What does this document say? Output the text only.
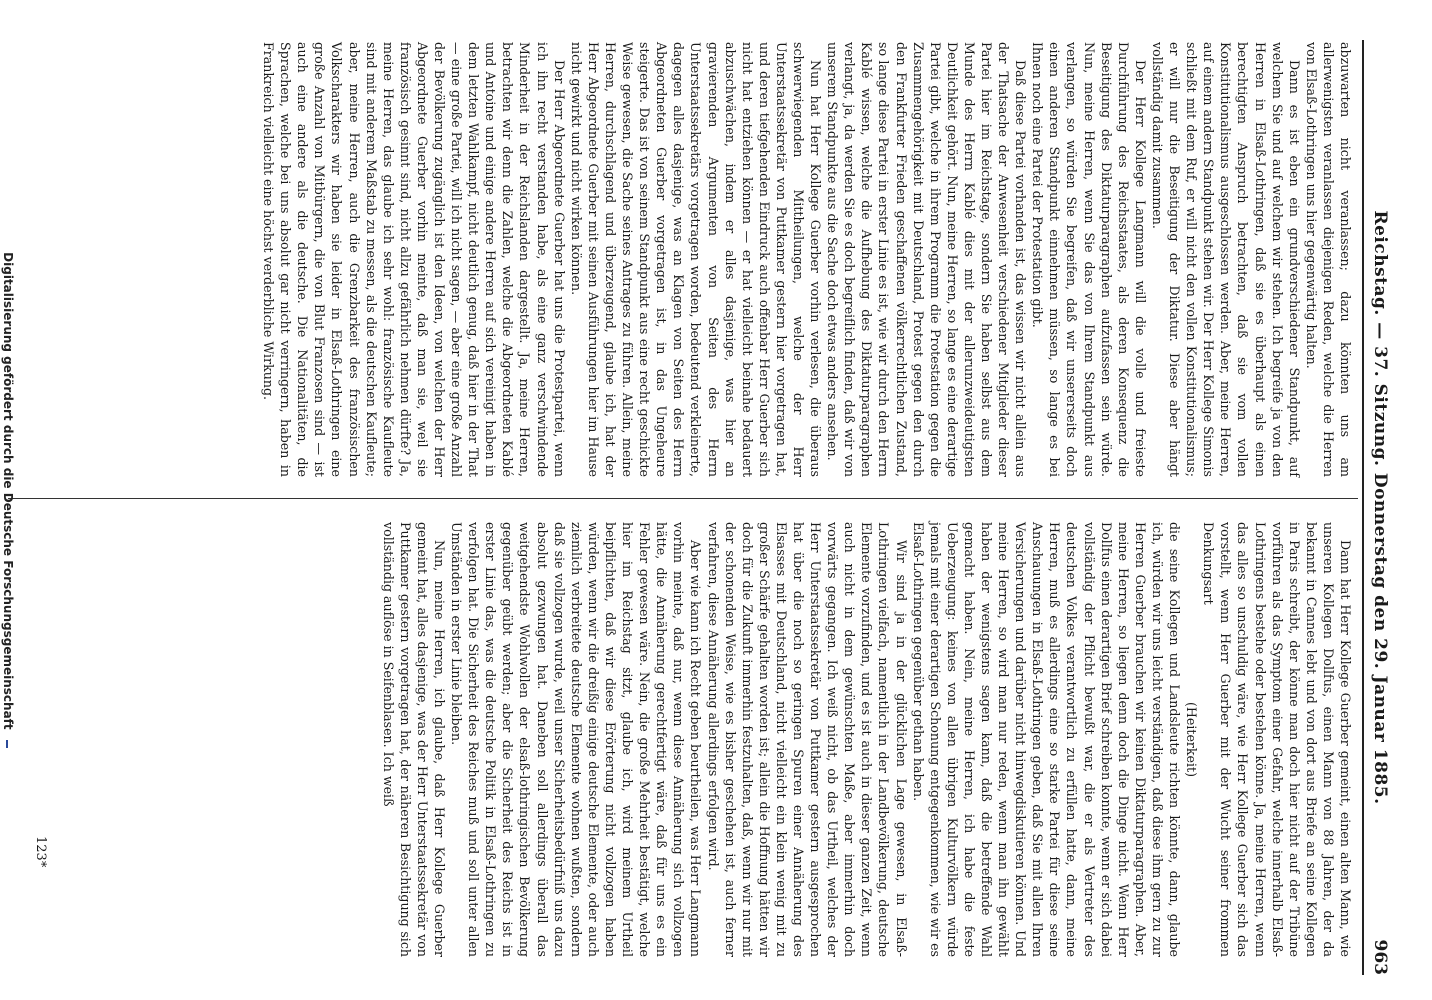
Reichstag. — 37. Sitzung. Donnerstag den 29. Januar 1885.
963

abzuwarten nicht veranlassen; dazu könnten uns am allerwenigsten veranlassen diejenigen Reden, welche die Herren von Elsaß-Lothringen uns hier gegenwärtig halten.

Dann es ist eben ein grundverschiedener Standpunkt, auf welchem Sie und auf welchem wir stehen. Ich begreife ja von den Herren in Elsaß-Lothringen, daß sie es überhaupt als einen berechtigten Anspruch betrachten, daß sie vom vollen Konstitutionalismus ausgeschlossen werden. Aber, meine Herren, auf einem andern Standpunkt stehen wir. Der Herr Kollege Simonis schließt mit dem Ruf, er will nicht den vollen Konstitutionalismus; er will nur die Beseitigung der Diktatur. Diese aber hängt vollständig damit zusammen.

Der Herr Kollege Langmann will die volle und freieste Durchführung des Reichsstaates, als deren Konsequenz die Beseitigung des Diktaturparagraphen aufzufassen sein würde. Nun, meine Herren, wenn Sie das von Ihrem Standpunkt aus verlangen, so würden Sie begreifen, daß wir unsererseits doch einen anderen Standpunkt einnehmen müssen, so lange es bei Ihnen noch eine Partei der Protestation gibt.

Daß diese Partei vorhanden ist, das wissen wir nicht allein aus der Thatsache der Anwesenheit verschiedener Mitglieder dieser Partei hier im Reichstage, sondern Sie haben selbst aus dem Munde des Herrn Kablé dies mit der allerunzweideutigsten Deutlichkeit gehört. Nun, meine Herren, so lange es eine derartige Partei gibt, welche in ihrem Programm die Protestation gegen die Zusammengehörigkeit mit Deutschland, Protest gegen den durch den Frankfurter Frieden geschaffenen völkerrechtlichen Zustand, so lange diese Partei in erster Linie es ist, wie wir durch den Herrn Kablé wissen, welche die Aufhebung des Diktaturparagraphen verlangt, ja, da werden Sie es doch begreiflich finden, daß wir von unserem Standpunkte aus die Sache doch etwas anders ansehen.

Nun hat Herr Kollege Guerber vorhin verlesen, die überaus schwerwiegenden Mittheilungen, welche der Herr Unterstaatssekretär von Puttkamer gestern hier vorgetragen hat, und deren tiefgehenden Eindruck auch offenbar Herr Guerber sich nicht hat entziehen können — er hat vielleicht beinahe bedauert abzuschwächen, indem er alles dasjenige, was hier an gravierenden Argumenten von Seiten des Herrn Unterstaatssekretärs vorgetragen worden, bedeutend verkleinerte, dagegen alles dasjenige, was an Klagen von Seiten des Herrn Abgeordneten Guerber vorgetragen ist, in das Ungeheure steigerte. Das ist von seinem Standpunkt aus eine recht geschickte Weise gewesen, die Sache seines Antrages zu führen. Allein, meine Herren, durchschlagend und überzeugend, glaube ich, hat der Herr Abgeordnete Guerber mit seinen Ausführungen hier im Hause nicht gewirkt und nicht wirken können.

Der Herr Abgeordnete Guerber hat uns die Protestpartei, wenn ich ihn recht verstanden habe, als eine ganz verschwindende Minderheit in der Reichslanden dargestellt. Ja, meine Herren, betrachten wir denn die Zahlen, welche die Abgeordneten Kablé und Antoine und einige andere Herren auf sich vereinigt haben in dem letzten Wahlkampf, nicht deutlich genug, daß hier in der That — eine große Partei, will ich nicht sagen, — aber eine große Anzahl der Bevölkerung zugänglich ist den Ideen, von welchen der Herr Abgeordnete Guerber vorhin meinte, daß man sie, weil sie französisch gesinnt sind, nicht allzu gefährlich nehmen dürfte? Ja, meine Herren, das glaube ich sehr wohl: französische Kaufleute sind mit anderem Maßstab zu messen, als die deutschen Kaufleute; aber, meine Herren, auch die Grenzbarkeit des französischen Volkscharakters wir haben sie leider in Elsaß-Lothringen eine große Anzahl von Mitbürgern, die von Blut Franzosen sind — ist auch eine andere als die deutsche. Die Nationalitäten, die Sprachen, welche bei uns absolut gar nicht verringern, haben in Frankreich vielleicht eine höchst verderbliche Wirkung.

Dann hat Herr Kollege Guerber gemeint, einen alten Mann, wie unseren Kollegen Dollfus, einen Mann von 88 Jahren, der da bekannt in Cannes lebt und von dort aus Briefe an seine Kollegen in Paris schreibt, der könne man doch hier nicht auf der Tribüne vorführen als das Symptom einer Gefahr, welche innerhalb Elsaß-Lothringens bestehe oder bestehen könne. Ja, meine Herren, wenn das alles so unschuldig wäre, wie Herr Kollege Guerber sich das vorstellt, wenn Herr Guerber mit der Wucht seiner frommen Denkungsart

(Heiterkeit)

die seine Kollegen und Landsleute richten könnte, dann, glaube ich, würden wir uns leicht verständigen, daß diese ihm gern zu zur Herren Guerber brauchen wir keinen Diktaturparagraphen. Aber, meine Herren, so liegen denn doch die Dinge nicht. Wenn Herr Dollfus einen derartigen Brief schreiben konnte, wenn er sich dabei vollständig der Pflicht bewußt war, die er als Vertreter des deutschen Volkes verantwortlich zu erfüllen hatte, dann, meine Herren, muß es allerdings eine so starke Partei für diese seine Anschauungen in Elsaß-Lothringen geben, daß Sie mit allen Ihren Versicherungen und darüber nicht hinwegdiskutieren können. Und meine Herren, so wird man nur reden, wenn man ihn gewählt haben der wenigstens sagen kann, daß die betreffende Wahl gemacht haben. Nein, meine Herren, ich habe die feste Ueberzeugung: keines von allen übrigen Kulturvölkern würde jemals mit einer derartigen Schonung entgegenkommen, wie wir es Elsaß-Lothringen gegenüber gethan haben.

Wir sind ja in der glücklichen Lage gewesen, in Elsaß-Lothringen vielfach, namentlich in der Landbevölkerung, deutsche Elemente vorzufinden, und es ist auch in dieser ganzen Zeit, wenn auch nicht in dem gewünschten Maße, aber immerhin doch vorwärts gegangen. Ich weiß nicht, ob das Urtheil, welches der Herr Unterstaatssekretär von Puttkamer gestern ausgesprochen hat über die noch so geringen Spuren einer Annäherung des Elsasses mit Deutschland, nicht vielleicht ein klein wenig mit zu großer Schärfe gehalten worden ist; allein die Hoffnung hätten wir doch für die Zukunft immerhin festzuhalten, daß, wenn wir nur mit der schonenden Weise, wie es bisher geschehen ist, auch ferner verfahren, diese Annäherung allerdings erfolgen wird.

Aber wie kann ich Recht geben beurtheilen, was Herr Langmann vorhin meinte, daß nur, wenn diese Annäherung sich vollzogen hätte, die Annäherung gerechtfertigt wäre, daß für uns es ein Fehler gewesen wäre. Nein, die große Mehrheit bestätigt, welche hier im Reichstag sitzt, glaube ich, wird meinem Urtheil beipflichten, daß wir diese Erörterung nicht vollzogen haben würden, wenn wir die dreißig einige deutsche Elemente, oder auch ziemlich verbreitete deutsche Elemente wohnen wußten, sondern daß sie vollzogen wurde, weil unser Sicherheitsbedürfniß uns dazu absolut gezwungen hat. Daneben soll allerdings überall das weitgehendste Wohlwollen der elsaß-lothringischen Bevölkerung gegenüber geübt werden; aber die Sicherheit des Reichs ist in erster Linie das, was die deutsche Politik in Elsaß-Lothringen zu verfolgen hat. Die Sicherheit des Reiches muß und soll unter allen Umständen in erster Linie bleiben.

Nun, meine Herren, ich glaube, daß Herr Kollege Guerber gemeint hat, alles dasjenige, was der Herr Unterstaatssekretär von Puttkamer gestern vorgetragen hat, der näheren Besichtigung sich vollständig auflöse in Seifenblasen. Ich weiß

123*
Digitalisierung gefördert durch die Deutsche Forschungsgemeinschaft
